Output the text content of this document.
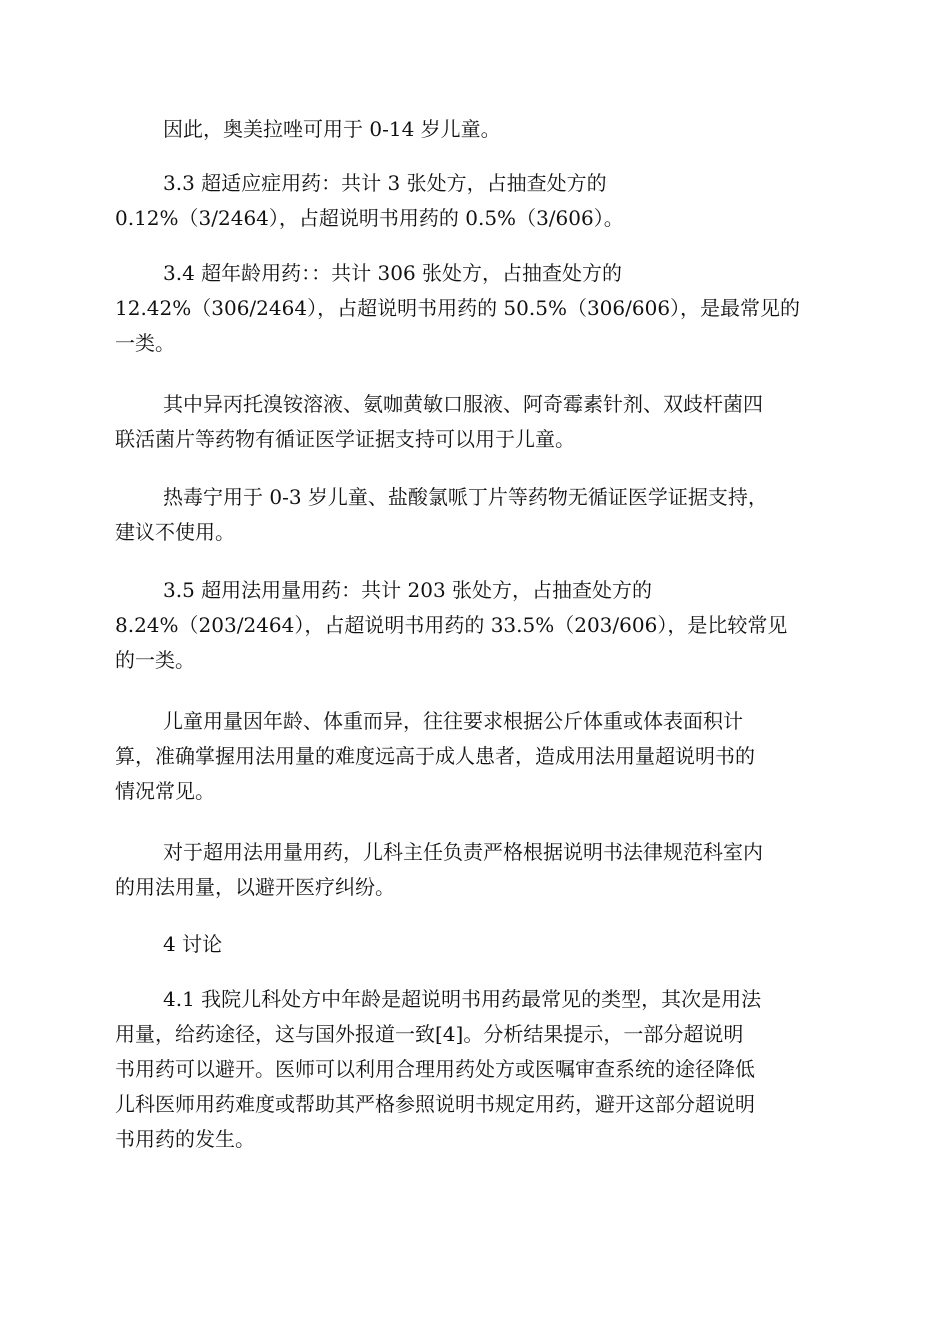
因此，奥美拉唑可用于 0-14 岁儿童。

3.3 超适应症用药：共计 3 张处方，占抽查处方的
0.12%（3/2464），占超说明书用药的 0.5%（3/606）。

3.4 超年龄用药：：共计 306 张处方，占抽查处方的
12.42%（306/2464），占超说明书用药的 50.5%（306/606），是最常见的
一类。

其中异丙托溴铵溶液、氨咖黄敏口服液、阿奇霉素针剂、双歧杆菌四
联活菌片等药物有循证医学证据支持可以用于儿童。

热毒宁用于 0-3 岁儿童、盐酸氯哌丁片等药物无循证医学证据支持，
建议不使用。

3.5 超用法用量用药：共计 203 张处方，占抽查处方的
8.24%（203/2464），占超说明书用药的 33.5%（203/606），是比较常见
的一类。

儿童用量因年龄、体重而异，往往要求根据公斤体重或体表面积计
算，准确掌握用法用量的难度远高于成人患者，造成用法用量超说明书的
情况常见。

对于超用法用量用药，儿科主任负责严格根据说明书法律规范科室内
的用法用量，以避开医疗纠纷。

4 讨论

4.1 我院儿科处方中年龄是超说明书用药最常见的类型，其次是用法
用量，给药途径，这与国外报道一致[4]。分析结果提示，一部分超说明
书用药可以避开。医师可以利用合理用药处方或医嘱审查系统的途径降低
儿科医师用药难度或帮助其严格参照说明书规定用药，避开这部分超说明
书用药的发生。
